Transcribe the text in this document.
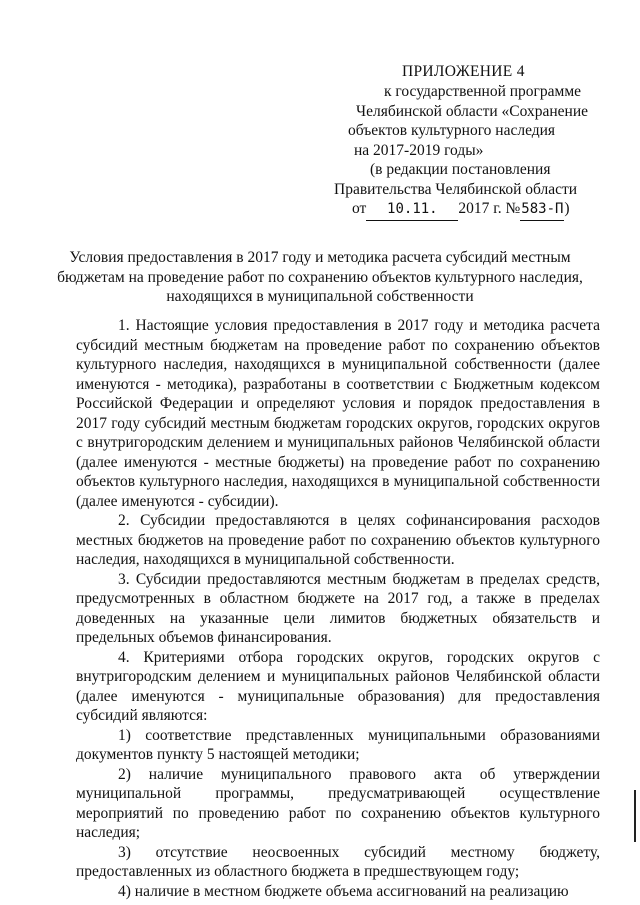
ПРИЛОЖЕНИЕ 4
к государственной программе
Челябинской области «Сохранение
объектов культурного наследия
на 2017-2019 годы»
(в редакции постановления
Правительства Челябинской области
от 10.11. 2017 г. №583-П)
Условия предоставления в 2017 году и методика расчета субсидий местным бюджетам на проведение работ по сохранению объектов культурного наследия, находящихся в муниципальной собственности

1. Настоящие условия предоставления в 2017 году и методика расчета субсидий местным бюджетам на проведение работ по сохранению объектов культурного наследия, находящихся в муниципальной собственности (далее именуются - методика), разработаны в соответствии с Бюджетным кодексом Российской Федерации и определяют условия и порядок предоставления в 2017 году субсидий местным бюджетам городских округов, городских округов с внутригородским делением и муниципальных районов Челябинской области (далее именуются - местные бюджеты) на проведение работ по сохранению объектов культурного наследия, находящихся в муниципальной собственности (далее именуются - субсидии).

2. Субсидии предоставляются в целях софинансирования расходов местных бюджетов на проведение работ по сохранению объектов культурного наследия, находящихся в муниципальной собственности.

3. Субсидии предоставляются местным бюджетам в пределах средств, предусмотренных в областном бюджете на 2017 год, а также в пределах доведенных на указанные цели лимитов бюджетных обязательств и предельных объемов финансирования.

4. Критериями отбора городских округов, городских округов с внутригородским делением и муниципальных районов Челябинской области (далее именуются - муниципальные образования) для предоставления субсидий являются:

1) соответствие представленных муниципальными образованиями документов пункту 5 настоящей методики;

2) наличие муниципального правового акта об утверждении муниципальной программы, предусматривающей осуществление мероприятий по проведению работ по сохранению объектов культурного наследия;

3) отсутствие неосвоенных субсидий местному бюджету, предоставленных из областного бюджета в предшествующем году;

4) наличие в местном бюджете объема ассигнований на реализацию
